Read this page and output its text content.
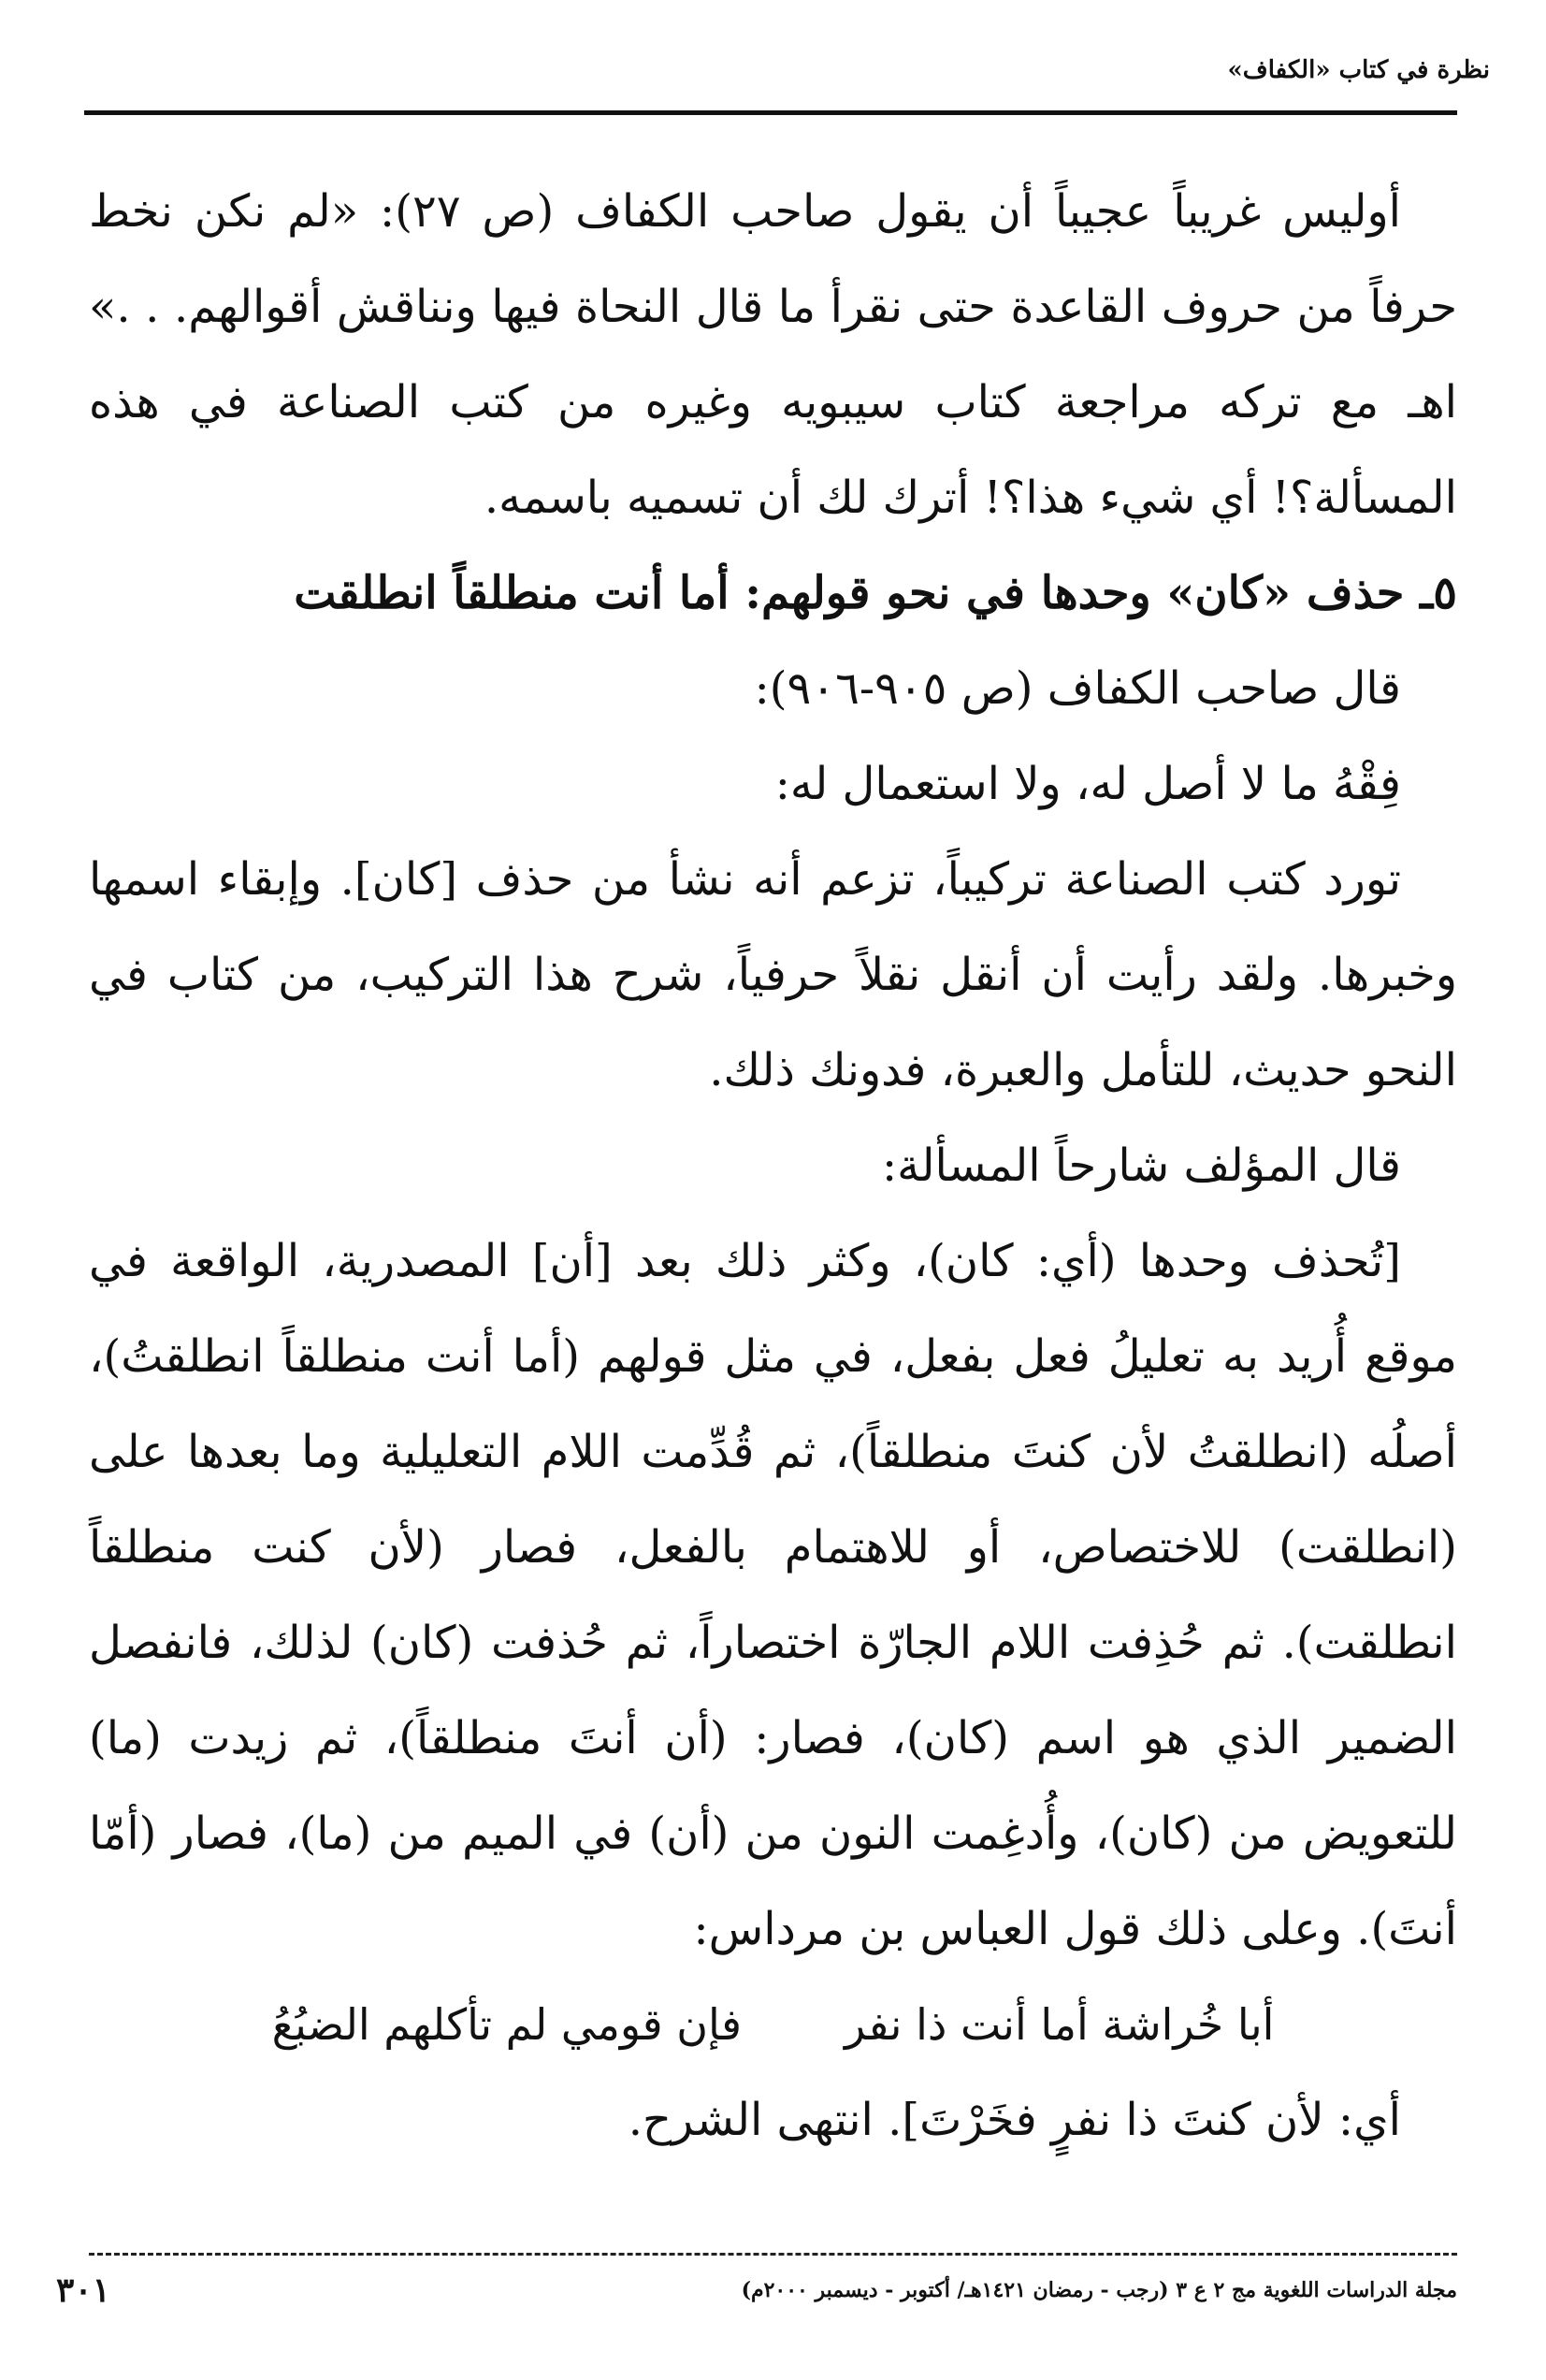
نظرة في كتاب «الكفاف»

أوليس غريباً عجيباً أن يقول صاحب الكفاف (ص ٢٧): «لم نكن نخط حرفاً من حروف القاعدة حتى نقرأ ما قال النحاة فيها ونناقش أقوالهم. . .» اهـ مع تركه مراجعة كتاب سيبويه وغيره من كتب الصناعة في هذه المسألة؟! أي شيء هذا؟! أترك لك أن تسميه باسمه.

٥ـ حذف «كان» وحدها في نحو قولهم: أما أنت منطلقاً انطلقت

قال صاحب الكفاف (ص ٩٠٥-٩٠٦):

فِقْهُ ما لا أصل له، ولا استعمال له:

تورد كتب الصناعة تركيباً، تزعم أنه نشأ من حذف [كان]. وإبقاء اسمها وخبرها. ولقد رأيت أن أنقل نقلاً حرفياً، شرح هذا التركيب، من كتاب في النحو حديث، للتأمل والعبرة، فدونك ذلك.

قال المؤلف شارحاً المسألة:

[تُحذف وحدها (أي: كان)، وكثر ذلك بعد [أن] المصدرية، الواقعة في موقع أُريد به تعليلُ فعل بفعل، في مثل قولهم (أما أنت منطلقاً انطلقتُ)، أصلُه (انطلقتُ لأن كنتَ منطلقاً)، ثم قُدِّمت اللام التعليلية وما بعدها على (انطلقت) للاختصاص، أو للاهتمام بالفعل، فصار (لأن كنت منطلقاً انطلقت). ثم حُذِفت اللام الجارّة اختصاراً، ثم حُذفت (كان) لذلك، فانفصل الضمير الذي هو اسم (كان)، فصار: (أن أنتَ منطلقاً)، ثم زيدت (ما) للتعويض من (كان)، وأُدغِمت النون من (أن) في الميم من (ما)، فصار (أمّا أنتَ). وعلى ذلك قول العباس بن مرداس:

أبا خُراشة أما أنت ذا نفر
فإن قومي لم تأكلهم الضبُعُ

أي: لأن كنتَ ذا نفرٍ فخَرْتَ]. انتهى الشرح.

مجلة الدراسات اللغوية مج ٢ ع ٣ (رجب - رمضان ١٤٢١هـ/ أكتوبر - ديسمبر ٢٠٠٠م)
٣٠١
